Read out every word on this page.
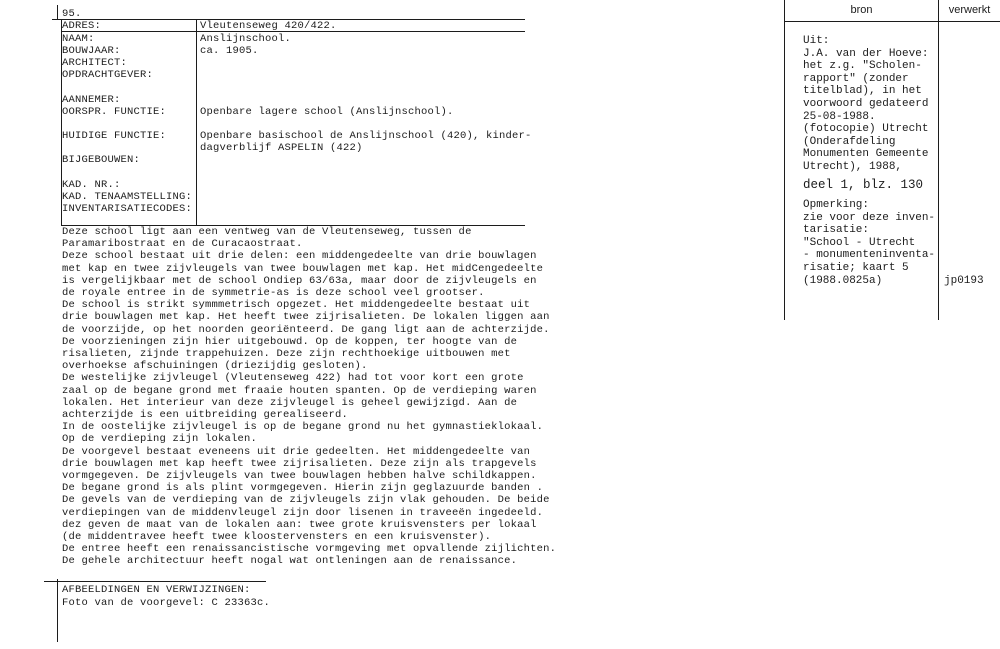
95.
ADRES:
NAAM:
BOUWJAAR:
ARCHITECT:
OPDRACHTGEVER:
AANNEMER:
OORSPR. FUNCTIE:
HUIDIGE FUNCTIE:
BIJGEBOUWEN:
KAD. NR.:
KAD. TENAAMSTELLING:
INVENTARISATIECODES:
Vleutenseweg 420/422.
Anslijnschool.
ca. 1905.
Openbare lagere school (Anslijnschool).
Openbare basischool de Anslijnschool (420), kinder-
dagverblijf ASPELIN (422)

Deze school ligt aan een ventweg van de Vleutenseweg, tussen de

Paramaribostraat en de Curacaostraat.

Deze school bestaat uit drie delen: een middengedeelte van drie bouwlagen

met kap en twee zijvleugels van twee bouwlagen met kap. Het midCengedeelte

is vergelijkbaar met de school Ondiep 63/63a, maar door de zijvleugels en

de royale entree in de symmetrie-as is deze school veel grootser.

De school is strikt symmmetrisch opgezet. Het middengedeelte bestaat uit

drie bouwlagen met kap. Het heeft twee zijrisalieten. De lokalen liggen aan

de voorzijde, op het noorden georiënteerd. De gang ligt aan de achterzijde.

De voorzieningen zijn hier uitgebouwd. Op de koppen, ter hoogte van de

risalieten, zijnde trappehuizen. Deze zijn rechthoekige uitbouwen met

overhoekse afschuiningen (driezijdig gesloten).

De westelijke zijvleugel (Vleutenseweg 422) had tot voor kort een grote

zaal op de begane grond met fraaie houten spanten. Op de verdieping waren

lokalen. Het interieur van deze zijvleugel is geheel gewijzigd. Aan de

achterzijde is een uitbreiding gerealiseerd.

In de oostelijke zijvleugel is op de begane grond nu het gymnastieklokaal.

Op de verdieping zijn lokalen.

De voorgevel bestaat eveneens uit drie gedeelten. Het middengedeelte van

drie bouwlagen met kap heeft twee zijrisalieten. Deze zijn als trapgevels

vormgegeven. De zijvleugels van twee bouwlagen hebben halve schildkappen.

De begane grond is als plint vormgegeven. Hierin zijn geglazuurde banden .

De gevels van de verdieping van de zijvleugels zijn vlak gehouden. De beide

verdiepingen van de middenvleugel zijn door lisenen in traveeën ingedeeld.

dez geven de maat van de lokalen aan: twee grote kruisvensters per lokaal

(de middentravee heeft twee kloostervensters en een kruisvenster).

De entree heeft een renaissancistische vormgeving met opvallende zijlichten.

De gehele architectuur heeft nogal wat ontleningen aan de renaissance.

AFBEELDINGEN EN VERWIJZINGEN:
Foto van de voorgevel: C 23363c.
bron	verwerkt
Uit:
J.A. van der Hoeve:
het z.g. "Scholen-
rapport" (zonder
titelblad), in het
voorwoord gedateerd
25-08-1988.
(fotocopie) Utrecht
(Onderafdeling
Monumenten Gemeente
Utrecht), 1988,
deel 1, blz. 130
Opmerking:
zie voor deze inven-
tarisatie:
"School - Utrecht
- monumenteninventa-
risatie; kaart 5
(1988.0825a)	jp0193
